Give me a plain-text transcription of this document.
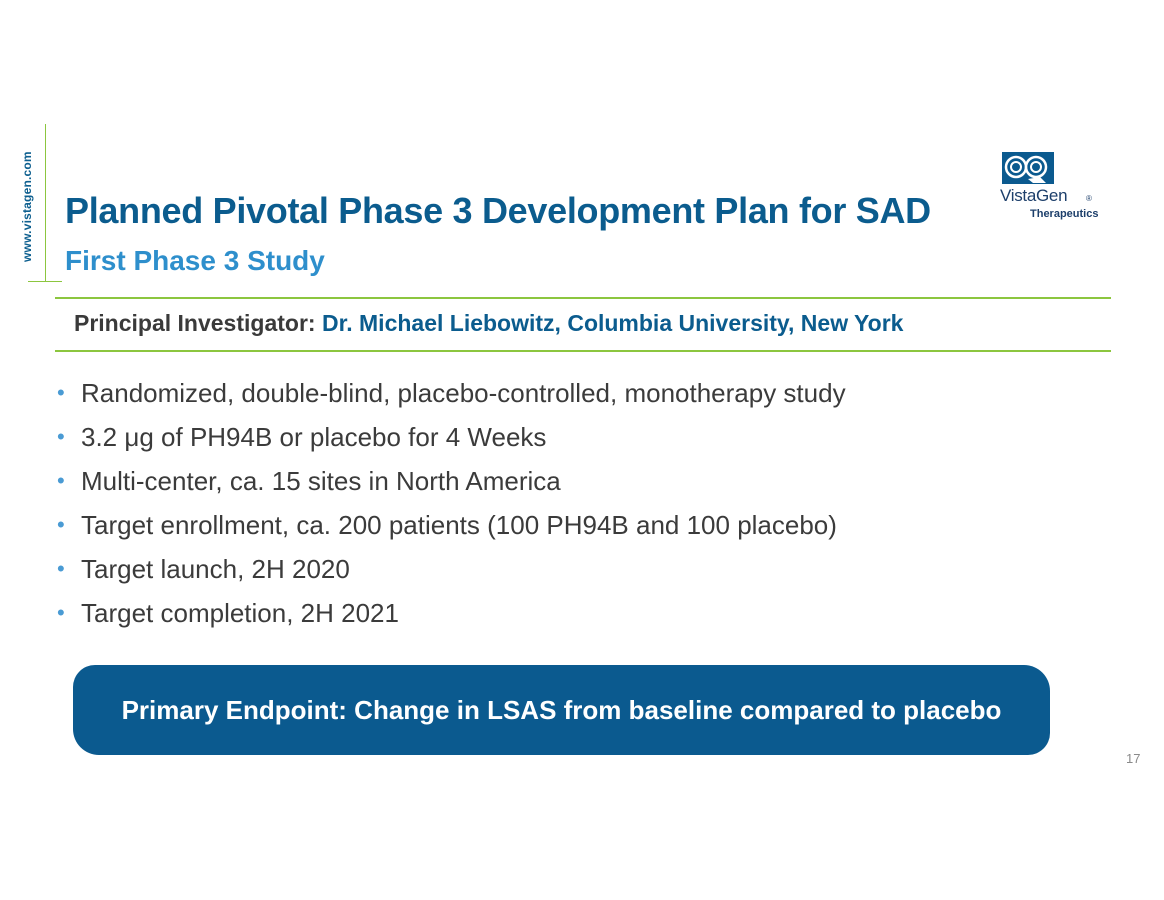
www.vistagen.com Planned Pivotal Phase 3 Development Plan for SAD
First Phase 3 Study
VistaGen ®
Therapeutics
Principal Investigator: Dr. Michael Liebowitz, Columbia University, New York
• Randomized, double-blind, placebo-controlled, monotherapy study
• 3.2 μg of PH94B or placebo for 4 Weeks
• Multi-center, ca. 15 sites in North America
• Target enrollment, ca. 200 patients (100 PH94B and 100 placebo)
• Target launch, 2H 2020
• Target completion, 2H 2021
Primary Endpoint: Change in LSAS from baseline compared to placebo
17
